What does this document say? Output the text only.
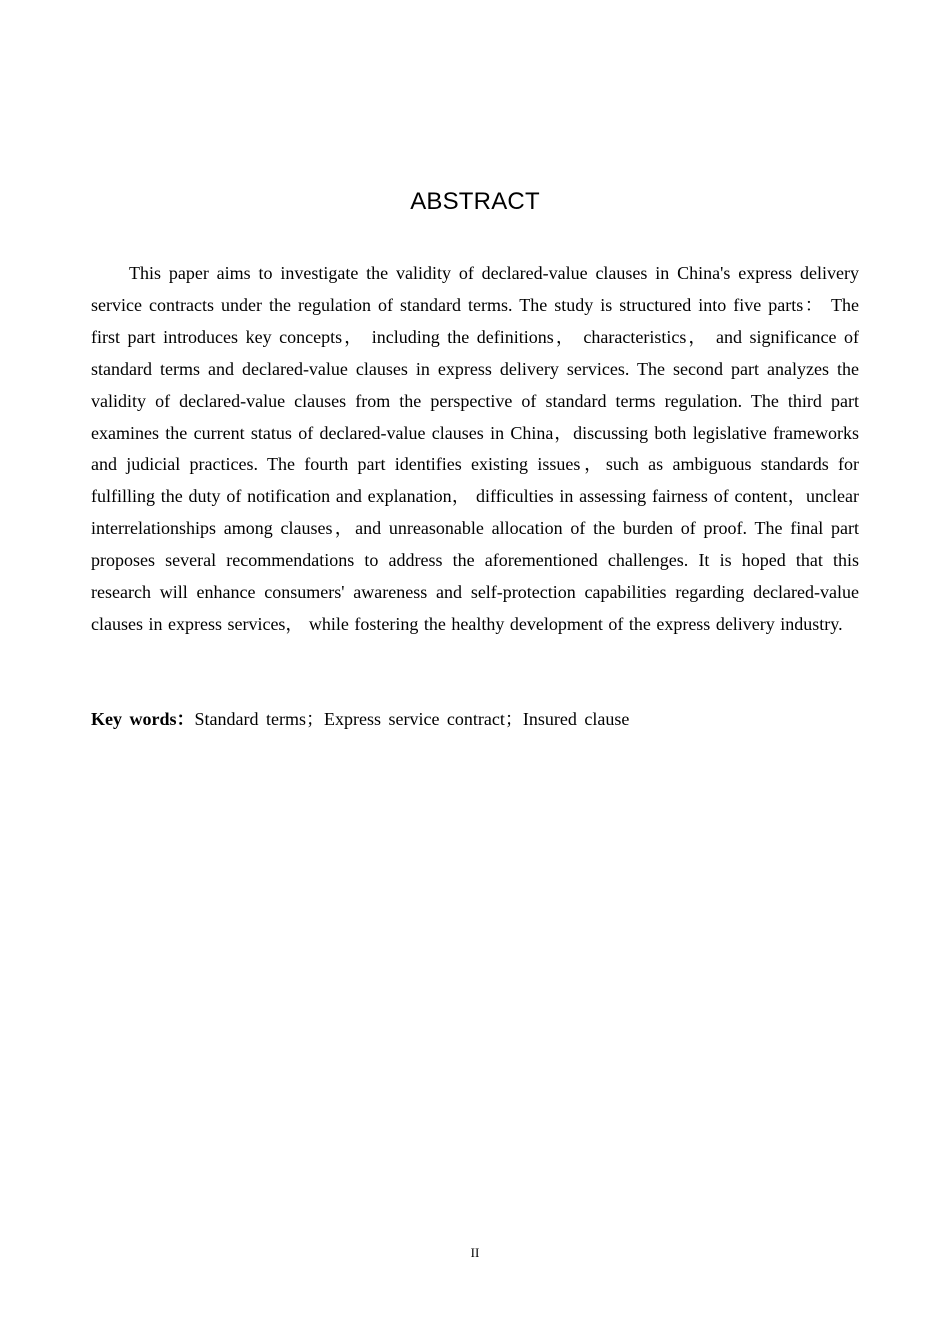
ABSTRACT

This paper aims to investigate the validity of declared-value clauses in China's express delivery service contracts under the regulation of standard terms. The study is structured into five parts： The first part introduces key concepts， including the definitions， characteristics， and significance of standard terms and declared-value clauses in express delivery services. The second part analyzes the validity of declared-value clauses from the perspective of standard terms regulation. The third part examines the current status of declared-value clauses in China，discussing both legislative frameworks and judicial practices. The fourth part identifies existing issues，such as ambiguous standards for fulfilling the duty of notification and explanation， difficulties in assessing fairness of content，unclear interrelationships among clauses，and unreasonable allocation of the burden of proof. The final part proposes several recommendations to address the aforementioned challenges. It is hoped that this research will enhance consumers' awareness and self-protection capabilities regarding declared-value clauses in express services， while fostering the healthy development of the express delivery industry.

Key words：Standard terms；Express service contract；Insured clause

II
